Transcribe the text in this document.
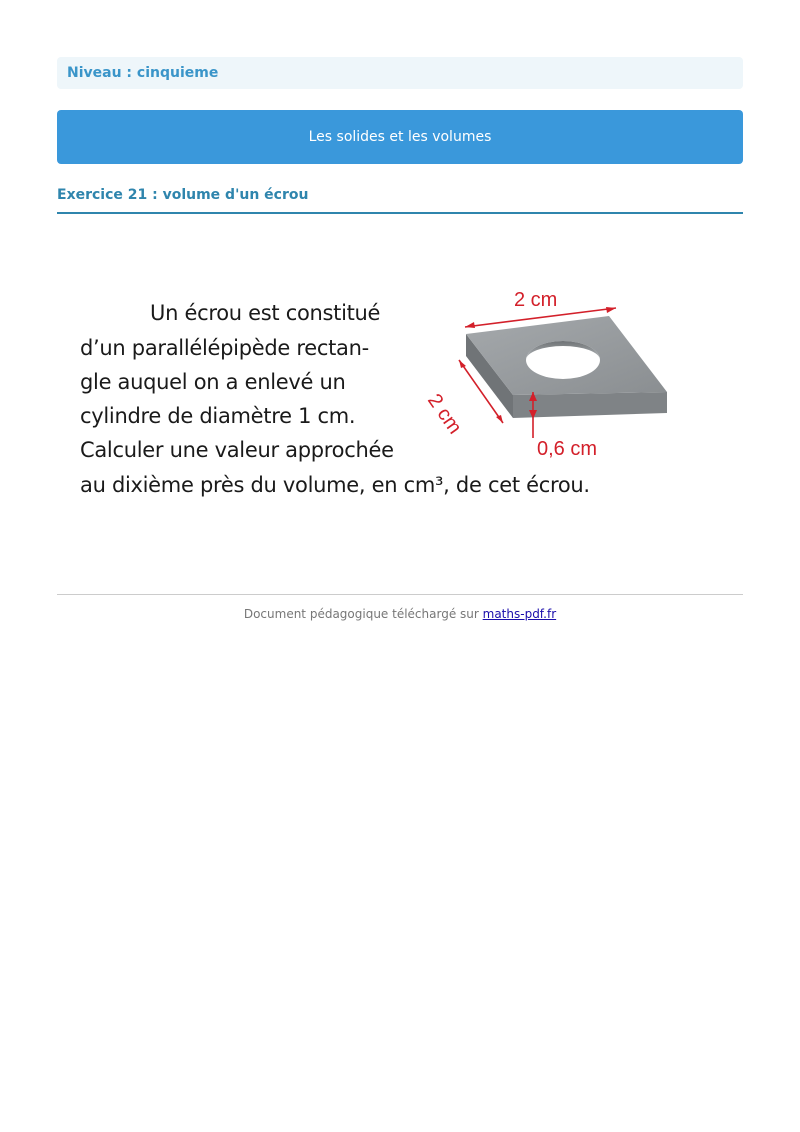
Niveau : cinquieme
Les solides et les volumes
Exercice 21 : volume d'un écrou
Un écrou est constitué
d’un parallélépipède rectan-
gle auquel on a enlevé un
cylindre de diamètre 1 cm.
Calculer une valeur approchée
au dixième près du volume, en cm³, de cet écrou.
2 cm
2 cm
0,6 cm
Document pédagogique téléchargé sur maths-pdf.fr
